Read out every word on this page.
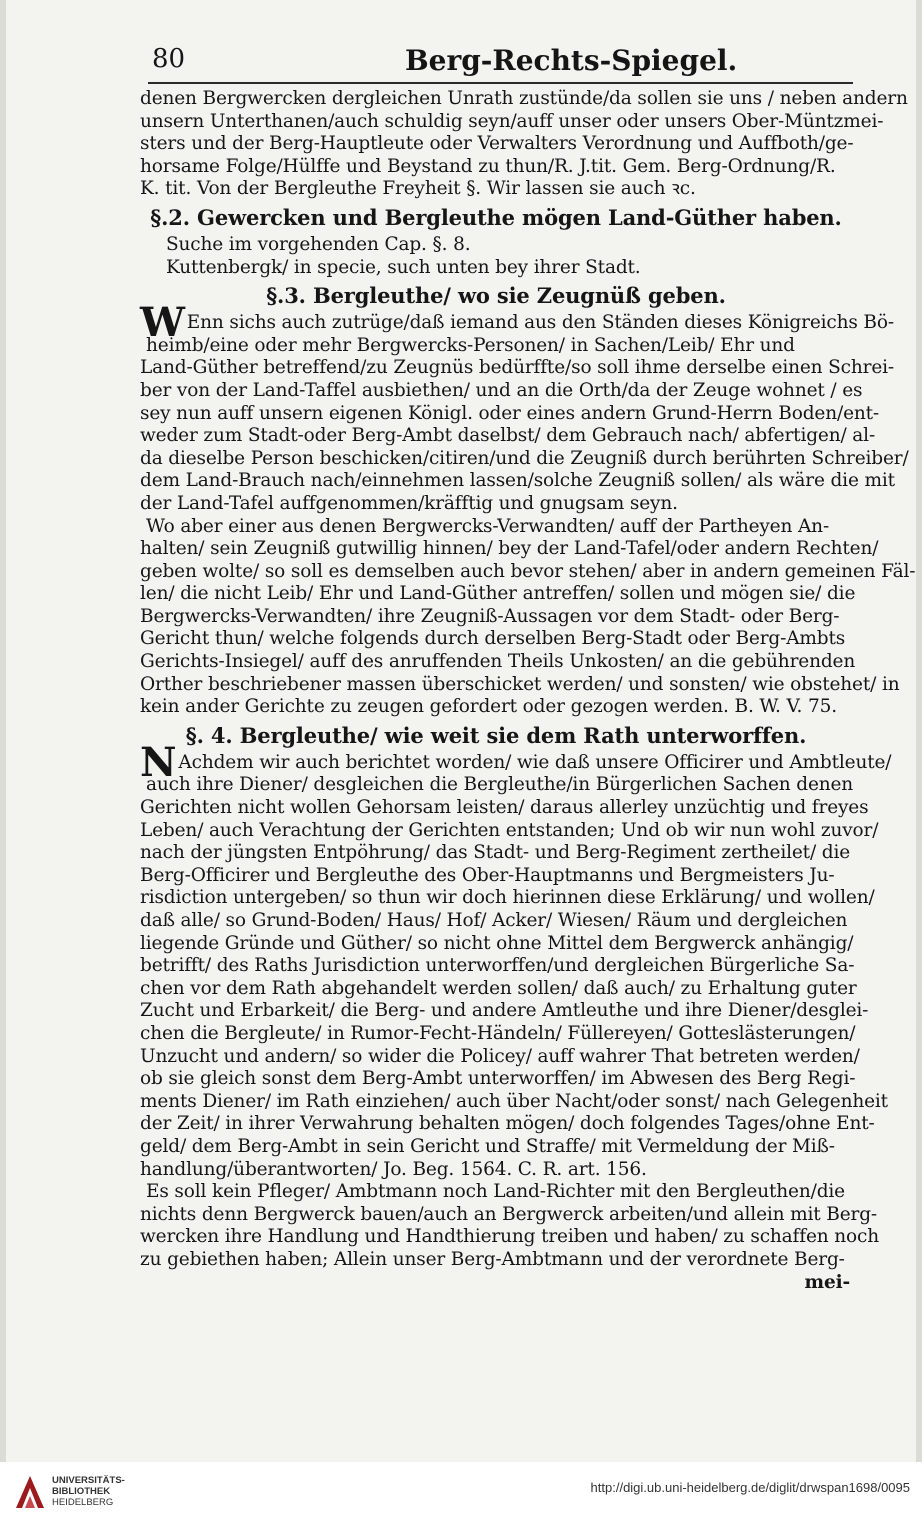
80	Berg-Rechts-Spiegel.
denen Bergwercken dergleichen Unrath zustünde/da sollen sie uns / neben andern
unsern Unterthanen/auch schuldig seyn/auff unser oder unsers Ober-Müntzmei-
sters und der Berg-Hauptleute oder Verwalters Verordnung und Auffboth/ge-
horsame Folge/Hülffe und Beystand zu thun/R. J.tit. Gem. Berg-Ordnung/R.
K. tit. Von der Bergleuthe Freyheit §. Wir lassen sie auch ꝛc.
§.2. Gewercken und Bergleuthe mögen Land-Güther haben.
Suche im vorgehenden Cap. §. 8.
Kuttenbergk/ in specie, such unten bey ihrer Stadt.
§.3. Bergleuthe/ wo sie Zeugnüß geben.
W Enn sichs auch zutrüge/daß iemand aus den Ständen dieses Königreichs Bö-
heimb/eine oder mehr Bergwercks-Personen/ in Sachen/Leib/ Ehr und
Land-Güther betreffend/zu Zeugnüs bedürffte/so soll ihme derselbe einen Schrei-
ber von der Land-Taffel ausbiethen/ und an die Orth/da der Zeuge wohnet / es
sey nun auff unsern eigenen Königl. oder eines andern Grund-Herrn Boden/ent-
weder zum Stadt-oder Berg-Ambt daselbst/ dem Gebrauch nach/ abfertigen/ al-
da dieselbe Person beschicken/citiren/und die Zeugniß durch berührten Schreiber/
dem Land-Brauch nach/einnehmen lassen/solche Zeugniß sollen/ als wäre die mit
der Land-Tafel auffgenommen/kräfftig und gnugsam seyn.
Wo aber einer aus denen Bergwercks-Verwandten/ auff der Partheyen An-
halten/ sein Zeugniß gutwillig hinnen/ bey der Land-Tafel/oder andern Rechten/
geben wolte/ so soll es demselben auch bevor stehen/ aber in andern gemeinen Fäl-
len/ die nicht Leib/ Ehr und Land-Güther antreffen/ sollen und mögen sie/ die
Bergwercks-Verwandten/ ihre Zeugniß-Aussagen vor dem Stadt- oder Berg-
Gericht thun/ welche folgends durch derselben Berg-Stadt oder Berg-Ambts
Gerichts-Insiegel/ auff des anruffenden Theils Unkosten/ an die gebührenden
Orther beschriebener massen überschicket werden/ und sonsten/ wie obstehet/ in
kein ander Gerichte zu zeugen gefordert oder gezogen werden. B. W. V. 75.
§. 4. Bergleuthe/ wie weit sie dem Rath unterworffen.
N Achdem wir auch berichtet worden/ wie daß unsere Officirer und Ambtleute/
auch ihre Diener/ desgleichen die Bergleuthe/in Bürgerlichen Sachen denen
Gerichten nicht wollen Gehorsam leisten/ daraus allerley unzüchtig und freyes
Leben/ auch Verachtung der Gerichten entstanden; Und ob wir nun wohl zuvor/
nach der jüngsten Entpöhrung/ das Stadt- und Berg-Regiment zertheilet/ die
Berg-Officirer und Bergleuthe des Ober-Hauptmanns und Bergmeisters Ju-
risdiction untergeben/ so thun wir doch hierinnen diese Erklärung/ und wollen/
daß alle/ so Grund-Boden/ Haus/ Hof/ Acker/ Wiesen/ Räum und dergleichen
liegende Gründe und Güther/ so nicht ohne Mittel dem Bergwerck anhängig/
betrifft/ des Raths Jurisdiction unterworffen/und dergleichen Bürgerliche Sa-
chen vor dem Rath abgehandelt werden sollen/ daß auch/ zu Erhaltung guter
Zucht und Erbarkeit/ die Berg- und andere Amtleuthe und ihre Diener/desglei-
chen die Bergleute/ in Rumor-Fecht-Händeln/ Füllereyen/ Gotteslästerungen/
Unzucht und andern/ so wider die Policey/ auff wahrer That betreten werden/
ob sie gleich sonst dem Berg-Ambt unterworffen/ im Abwesen des Berg Regi-
ments Diener/ im Rath einziehen/ auch über Nacht/oder sonst/ nach Gelegenheit
der Zeit/ in ihrer Verwahrung behalten mögen/ doch folgendes Tages/ohne Ent-
geld/ dem Berg-Ambt in sein Gericht und Straffe/ mit Vermeldung der Miß-
handlung/überantworten/ Jo. Beg. 1564. C. R. art. 156.
Es soll kein Pfleger/ Ambtmann noch Land-Richter mit den Bergleuthen/die
nichts denn Bergwerck bauen/auch an Bergwerck arbeiten/und allein mit Berg-
wercken ihre Handlung und Handthierung treiben und haben/ zu schaffen noch
zu gebiethen haben; Allein unser Berg-Ambtmann und der verordnete Berg-
mei-
UNIVERSITÄTS-
BIBLIOTHEK
HEIDELBERG
http://digi.ub.uni-heidelberg.de/diglit/drwspan1698/0095
